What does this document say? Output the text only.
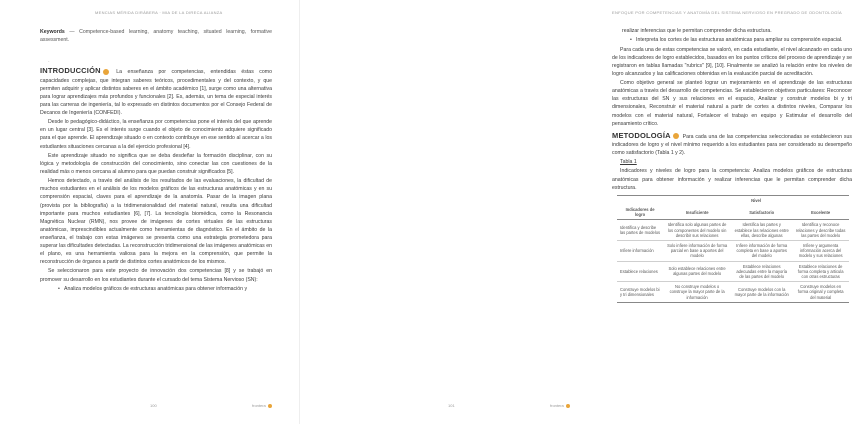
MENCIAS MÉRIDA DIRÁBERA · MIA DE LA DIRECA ALIANZA

Keywords — Competence-based learning, anatomy teaching, situated learning, formative assessment.

·

INTRODUCCIÓN La enseñanza por competencias, entendidas éstas como capacidades complejas, que integran saberes teóricos, procedimentales y del contexto, y que permiten adquirir y aplicar distintos saberes en el ámbito académico [1], surge como una alternativa para lograr aprendizajes más profundos y funcionales [2]. Es, además, un tema de especial interés para las carreras de ingeniería, tal lo expresado en distintos documentos por el Consejo Federal de Decanos de Ingeniería (CONFEDI).

Desde lo pedagógico-didáctico, la enseñanza por competencias pone el interés del que aprende en un lugar central [3]. Es el interés surge cuando el objeto de conocimiento adquiere significado para el que aprende. El aprendizaje situado o en contexto contribuye en ese sentido al acercar a los estudiantes situaciones cercanas a la del ejercicio profesional [4].

Este aprendizaje situado no significa que se deba desdeñar la formación disciplinar, con su lógica y metodología de construcción del conocimiento, sino conectar las con cuestiones de la realidad más o menos cercana al alumno para que puedan construir significados [5].

Hemos detectado, a través del análisis de los resultados de las evaluaciones, la dificultad de muchos estudiantes en el análisis de los modelos gráficos de las estructuras anatómicas y en su comprensión espacial, claves para el aprendizaje de la anatomía. Pasar de la imagen plana (provista por la bibliografía) a la tridimensionalidad del material natural, resulta una dificultad importante para muchos estudiantes [6], [7]. La tecnología biomédica, como la Resonancia Magnética Nuclear (RMN), nos provee de imágenes de cortes virtuales de las estructuras anatómicas, imprescindibles actualmente como herramientas de diagnóstico. En el ámbito de la enseñanza, el trabajo con estas imágenes se presenta como una estrategia prometedora para superar las dificultades detectadas. La reconstrucción tridimensional de las imágenes anatómicas en el plano, es una herramienta valiosa para la mejora en la comprensión, que permite la reconstrucción de órganos a partir de distintos cortes anatómicos de los mismos.

Se seleccionaron para este proyecto de innovación dos competencias [8] y se trabajó en promover su desarrollo en los estudiantes durante el cursado del tema Sistema Nervioso (SN):

• Analiza modelos gráficos de estructuras anatómicas para obtener información y

100	frontera
ENFOQUE POR COMPETENCIAS Y ANATOMÍA DEL SISTEMA NERVIOSO EN PREGRADO DE ODONTOLOGÍA

realizar inferencias que le permitan comprender dicha estructura.

• Interpreta los cortes de las estructuras anatómicas para ampliar su comprensión espacial.

Para cada una de estas competencias se valoró, en cada estudiante, el nivel alcanzado en cada uno de los indicadores de logro establecidos, basados en los puntos críticos del proceso de aprendizaje y se registraron en tablas llamadas "rubrics" [9], [10]. Finalmente se analizó la relación entre los niveles de logro alcanzados y las calificaciones obtenidas en la evaluación parcial de acreditación.

Como objetivo general se planteó lograr un mejoramiento en el aprendizaje de las estructuras anatómicas a través del desarrollo de competencias. Se establecieron objetivos particulares: Reconocer las estructuras del SN y sus relaciones en el espacio, Analizar y construir modelos bi y tri dimensionales, Reconstruir el material natural a partir de cortes a distintos niveles, Comparar los modelos con el material natural, Fortalecer el trabajo en equipo y Estimular el desarrollo del pensamiento crítico.

METODOLOGÍA Para cada una de las competencias seleccionadas se establecieron sus indicadores de logro y el nivel mínimo requerido a los estudiantes para ser considerado su desempeño como satisfactorio (Tabla 1 y 2).

Tabla 1

Indicadores y niveles de logro para la competencia: Analiza modelos gráficos de estructuras anatómicas para obtener información y realizar inferencias que le permitan comprender dicha estructura.

	Nivel		
Indicadores de logro	Insuficiente	Satisfactorio	Excelente
Identifica y describe las partes de modelos	Identifica solo algunas partes de los componentes del modelo sin describir sus relaciones	Identifica las partes y establece las relaciones entre ellas, describe algunas	Identifica y reconoce relaciones y describe todas las partes del modelo
Infiere información	Solo infiere información de forma parcial en base a aportes del modelo	Infiere información de forma completa en base a aportes del modelo	Infiere y argumenta información acerca del modelo y sus relaciones
Establece relaciones	Solo establece relaciones entre algunas partes del modelo	Establece relaciones adecuadas entre la mayoría de las partes del modelo	Establece relaciones de forma completa y articula con otras estructuras
Construye modelos bi y tri dimensionales	No construye modelos o construye la mayor parte de la información	Construye modelos con la mayor parte de la información	Construye modelos en forma original y completa del material
101	frontera
